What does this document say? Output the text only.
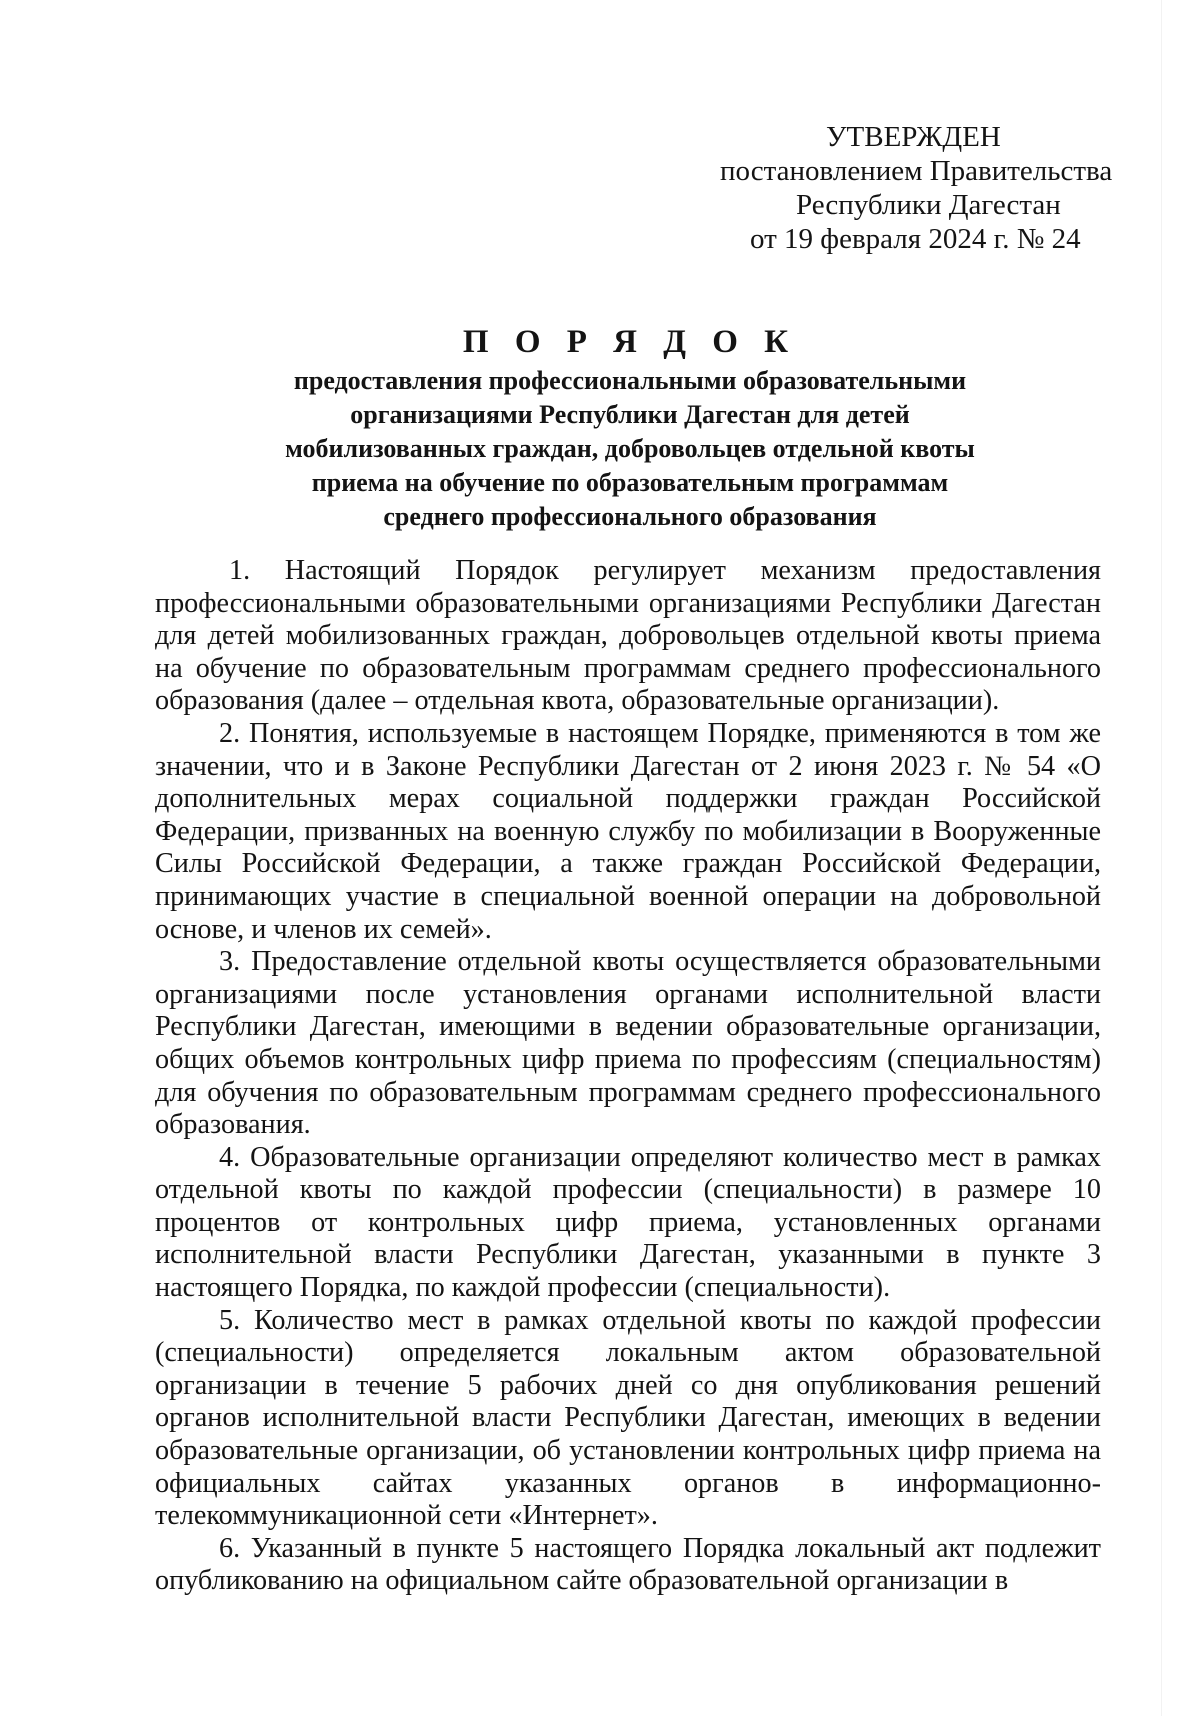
УТВЕРЖДЕН
постановлением Правительства
Республики Дагестан
от 19 февраля 2024 г. № 24
П О Р Я Д О К
предоставления профессиональными образовательными
организациями Республики Дагестан для детей
мобилизованных граждан, добровольцев отдельной квоты
приема на обучение по образовательным программам
среднего профессионального образования

1. Настоящий Порядок регулирует механизм предоставления профессиональными образовательными организациями Республики Дагестан для детей мобилизованных граждан, добровольцев отдельной квоты приема на обучение по образовательным программам среднего профессионального образования (далее – отдельная квота, образовательные организации).

2. Понятия, используемые в настоящем Порядке, применяются в том же значении, что и в Законе Республики Дагестан от 2 июня 2023 г. № 54 «О дополнительных мерах социальной поддержки граждан Российской Федерации, призванных на военную службу по мобилизации в Вооруженные Силы Российской Федерации, а также граждан Российской Федерации, принимающих участие в специальной военной операции на добровольной основе, и членов их семей».

3. Предоставление отдельной квоты осуществляется образовательными организациями после установления органами исполнительной власти Республики Дагестан, имеющими в ведении образовательные организации, общих объемов контрольных цифр приема по профессиям (специальностям) для обучения по образовательным программам среднего профессионального образования.

4. Образовательные организации определяют количество мест в рамках отдельной квоты по каждой профессии (специальности) в размере 10 процентов от контрольных цифр приема, установленных органами исполнительной власти Республики Дагестан, указанными в пункте 3 настоящего Порядка, по каждой профессии (специальности).

5. Количество мест в рамках отдельной квоты по каждой профессии (специальности) определяется локальным актом образовательной организации в течение 5 рабочих дней со дня опубликования решений органов исполнительной власти Республики Дагестан, имеющих в ведении образовательные организации, об установлении контрольных цифр приема на официальных сайтах указанных органов в информационно-телекоммуникационной сети «Интернет».

6. Указанный в пункте 5 настоящего Порядка локальный акт подлежит опубликованию на официальном сайте образовательной организации в
